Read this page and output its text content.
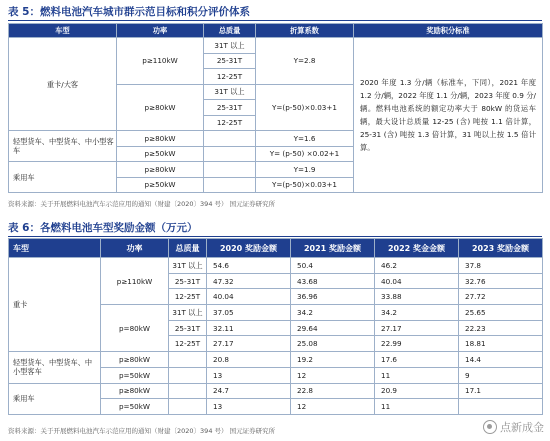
表 5：燃料电池汽车城市群示范目标和积分评价体系
车型	功率	总质量	折算系数	奖励积分标准
重卡/大客	p≥110kW	31T 以上	Y=2.8	2020 年度 1.3 分/辆（标准车，下同），2021 年度 1.2 分/辆，2022 年度 1.1 分/辆，2023 年度 0.9 分/辆。燃料电池系统的额定功率大于 80kW 的货运车辆，最大设计总质量 12-25 (含) 吨按 1.1 倍计算，25-31 (含) 吨按 1.3 倍计算，31 吨以上按 1.5 倍计算。
		25-31T		
		12-25T		
	p≥80kW	31T 以上	Y=(p-50)×0.03+1	
		25-31T		
		12-25T		
轻型货车、中型货车、中小型客车	p≥80kW		Y=1.6	
	p≥50kW		Y= (p-50) ×0.02+1	
乘用车	p≥80kW		Y=1.9	
	p≥50kW		Y=(p-50)×0.03+1	
资料来源：关于开展燃料电池汽车示范应用的通知（财建〔2020〕394 号） 国元证券研究所
表 6：各燃料电池车型奖励金额（万元）
车型	功率	总质量	2020 奖励金额	2021 奖励金额	2022 奖金金额	2023 奖励金额
重卡	p≥110kW	31T 以上	54.6	50.4	46.2	37.8
		25-31T	47.32	43.68	40.04	32.76
		12-25T	40.04	36.96	33.88	27.72
	p=80kW	31T 以上	37.05	34.2	34.2	25.65
		25-31T	32.11	29.64	27.17	22.23
		12-25T	27.17	25.08	22.99	18.81
轻型货车、中型货车、中小型客车	p≥80kW		20.8	19.2	17.6	14.4
	p=50kW		13	12	11	9
乘用车	p≥80kW		24.7	22.8	20.9	17.1
	p=50kW		13	12	11	
资料来源：关于开展燃料电池汽车示范应用的通知（财建〔2020〕394 号） 国元证券研究所	点新成金
